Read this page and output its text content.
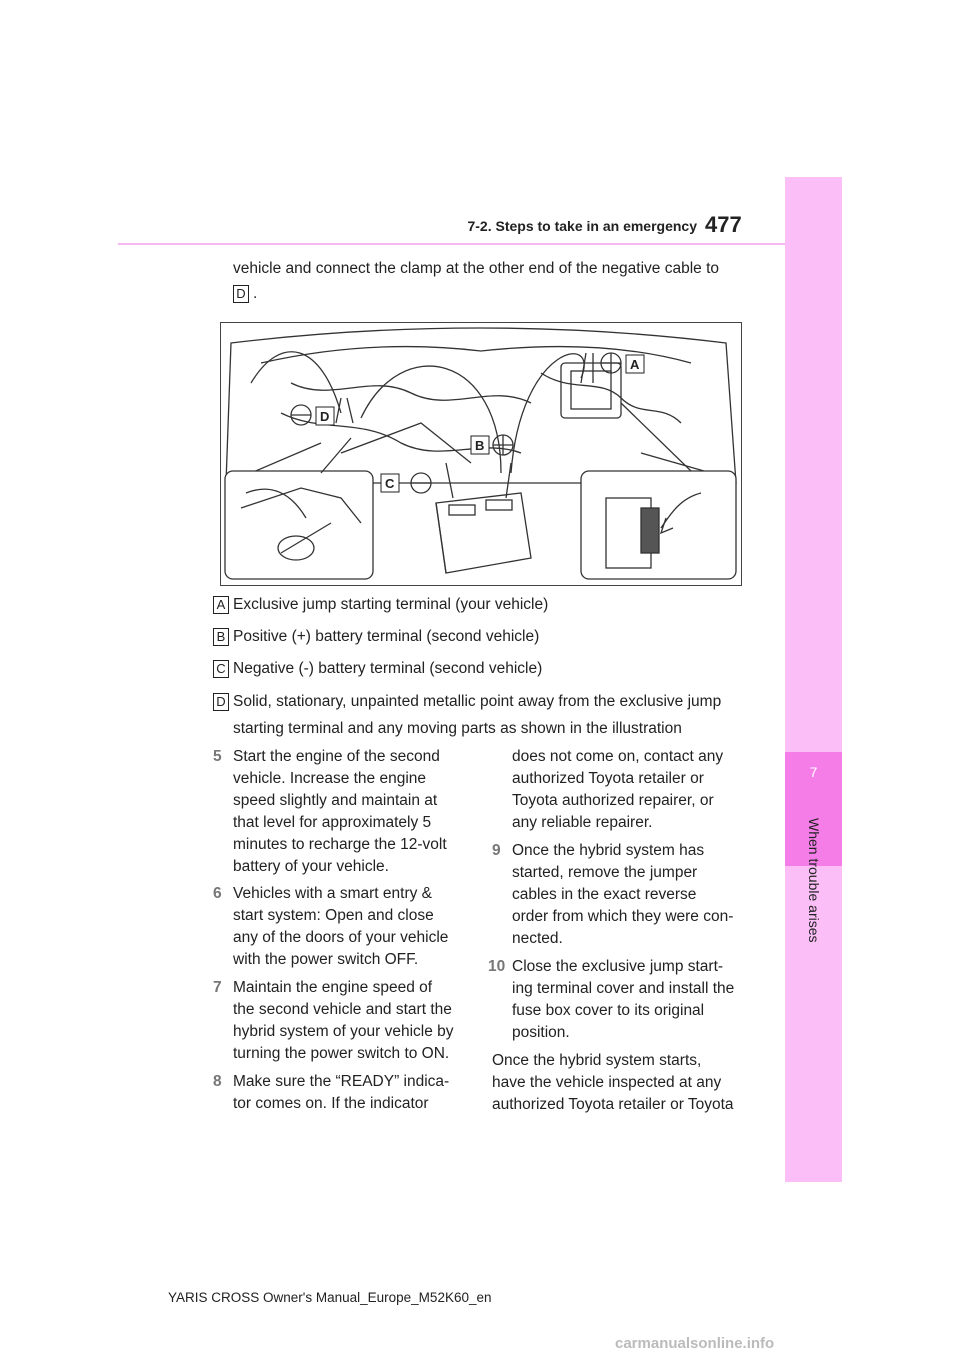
7
When trouble arises
7-2. Steps to take in an emergency 477
vehicle and connect the clamp at the other end of the negative cable to
D .
A
B
C
D
A Exclusive jump starting terminal (your vehicle)
B Positive (+) battery terminal (second vehicle)
C Negative (-) battery terminal (second vehicle)
D Solid, stationary, unpainted metallic point away from the exclusive jump
starting terminal and any moving parts as shown in the illustration
5 Start the engine of the second
vehicle. Increase the engine
speed slightly and maintain at
that level for approximately 5
minutes to recharge the 12-volt
battery of your vehicle.
6 Vehicles with a smart entry &
start system: Open and close
any of the doors of your vehicle
with the power switch OFF.
7 Maintain the engine speed of
the second vehicle and start the
hybrid system of your vehicle by
turning the power switch to ON.
8 Make sure the “READY” indica-
tor comes on. If the indicator
does not come on, contact any
authorized Toyota retailer or
Toyota authorized repairer, or
any reliable repairer.
9 Once the hybrid system has
started, remove the jumper
cables in the exact reverse
order from which they were con-
nected.
10 Close the exclusive jump start-
ing terminal cover and install the
fuse box cover to its original
position.
Once the hybrid system starts,
have the vehicle inspected at any
authorized Toyota retailer or Toyota
YARIS CROSS Owner's Manual_Europe_M52K60_en
carmanualsonline.info
